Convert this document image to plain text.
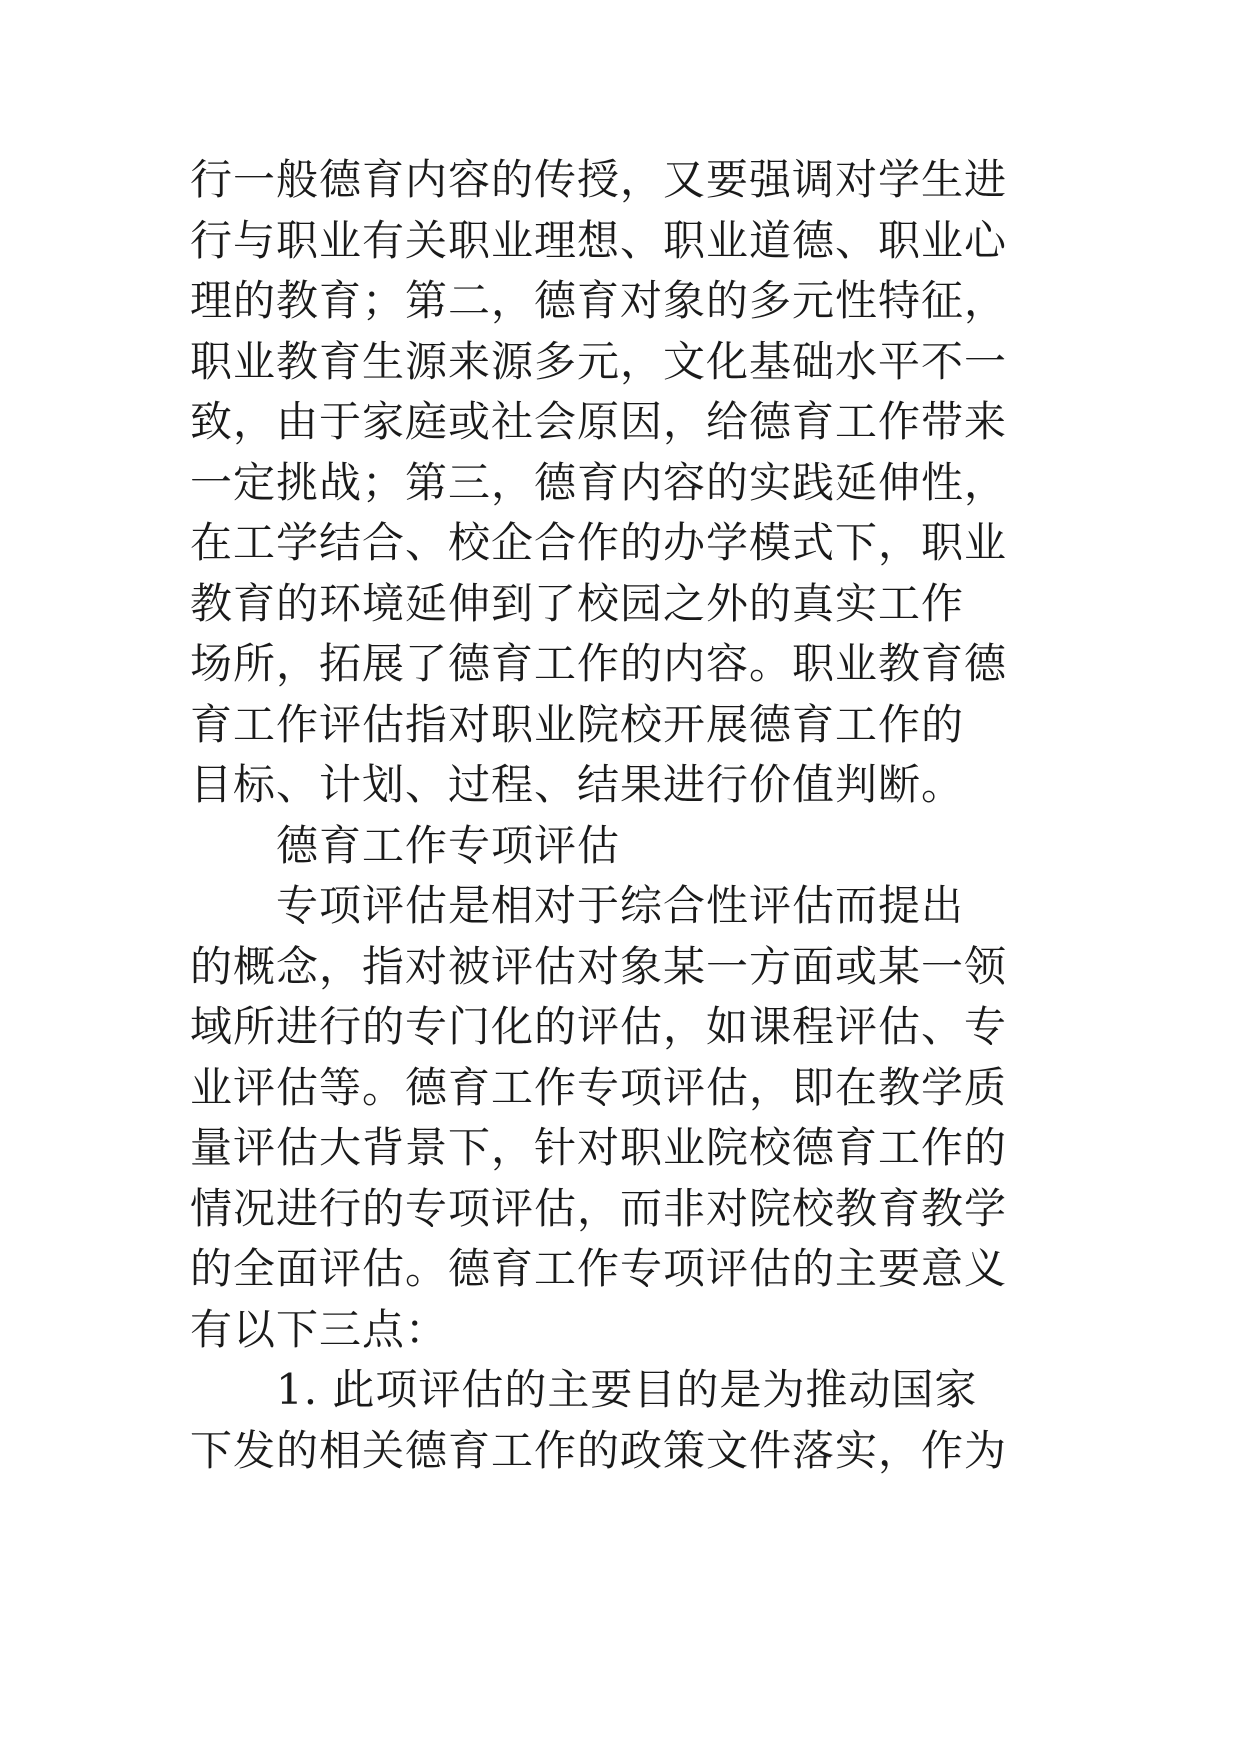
行一般德育内容的传授，又要强调对学生进
行与职业有关职业理想、职业道德、职业心
理的教育；第二，德育对象的多元性特征，
职业教育生源来源多元，文化基础水平不一
致，由于家庭或社会原因，给德育工作带来
一定挑战；第三，德育内容的实践延伸性，
在工学结合、校企合作的办学模式下，职业
教育的环境延伸到了校园之外的真实工作
场所，拓展了德育工作的内容。职业教育德
育工作评估指对职业院校开展德育工作的
目标、计划、过程、结果进行价值判断。
德育工作专项评估
专项评估是相对于综合性评估而提出
的概念，指对被评估对象某一方面或某一领
域所进行的专门化的评估，如课程评估、专
业评估等。德育工作专项评估，即在教学质
量评估大背景下，针对职业院校德育工作的
情况进行的专项评估，而非对院校教育教学
的全面评估。德育工作专项评估的主要意义
有以下三点：
1. 此项评估的主要目的是为推动国家
下发的相关德育工作的政策文件落实，作为
